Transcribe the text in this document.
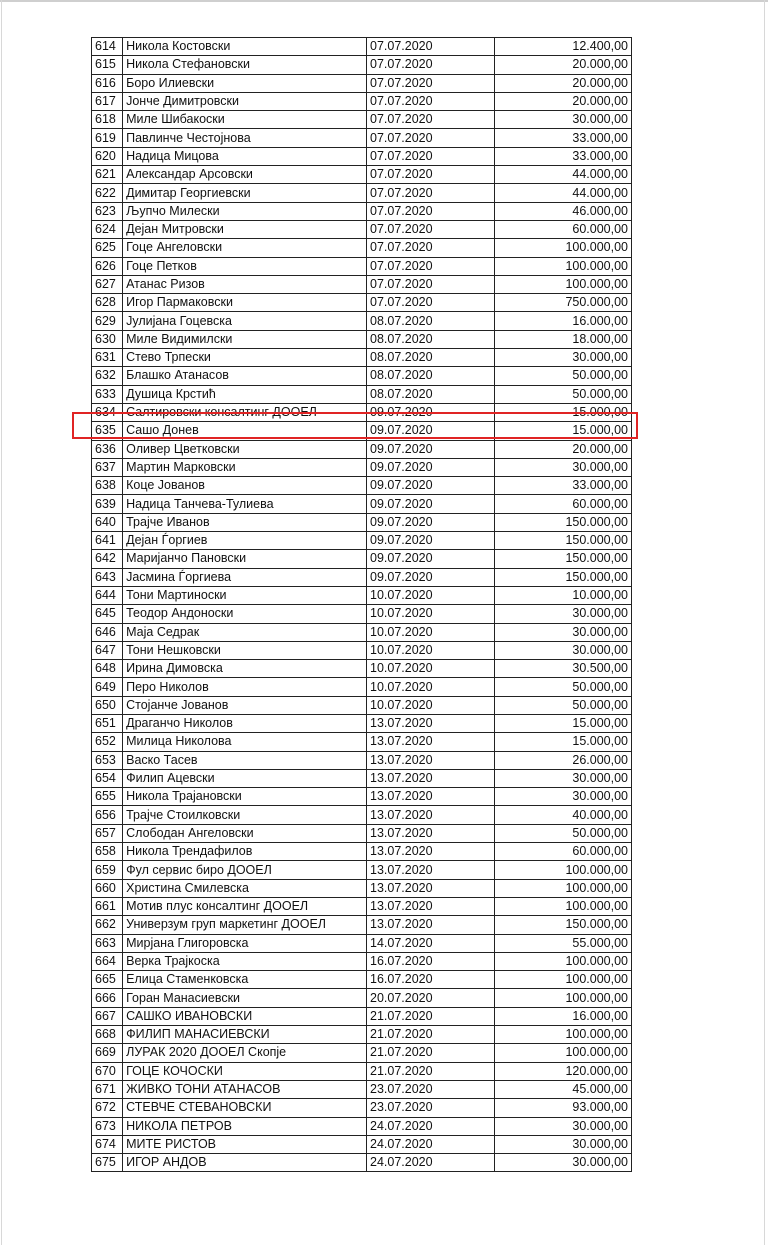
614	Никола Костовски	07.07.2020	12.400,00
615	Никола Стефановски	07.07.2020	20.000,00
616	Боро Илиевски	07.07.2020	20.000,00
617	Јонче Димитровски	07.07.2020	20.000,00
618	Миле Шибакоски	07.07.2020	30.000,00
619	Павлинче Честојнова	07.07.2020	33.000,00
620	Надица Мицова	07.07.2020	33.000,00
621	Александар Арсовски	07.07.2020	44.000,00
622	Димитар Георгиевски	07.07.2020	44.000,00
623	Љупчо Милески	07.07.2020	46.000,00
624	Дејан Митровски	07.07.2020	60.000,00
625	Гоце Ангеловски	07.07.2020	100.000,00
626	Гоце Петков	07.07.2020	100.000,00
627	Атанас Ризов	07.07.2020	100.000,00
628	Игор Пармаковски	07.07.2020	750.000,00
629	Јулијана Гоцевска	08.07.2020	16.000,00
630	Миле Видимилски	08.07.2020	18.000,00
631	Стево Трпески	08.07.2020	30.000,00
632	Блашко Атанасов	08.07.2020	50.000,00
633	Душица Крстић	08.07.2020	50.000,00
634	Салтировски консалтинг ДООЕЛ	09.07.2020	15.000,00
635	Сашо Донев	09.07.2020	15.000,00
636	Оливер Цветковски	09.07.2020	20.000,00
637	Мартин Марковски	09.07.2020	30.000,00
638	Коце Јованов	09.07.2020	33.000,00
639	Надица Танчева-Тулиева	09.07.2020	60.000,00
640	Трајче Иванов	09.07.2020	150.000,00
641	Дејан Ѓоргиев	09.07.2020	150.000,00
642	Маријанчо Пановски	09.07.2020	150.000,00
643	Јасмина Ѓоргиева	09.07.2020	150.000,00
644	Тони Мартиноски	10.07.2020	10.000,00
645	Теодор Андоноски	10.07.2020	30.000,00
646	Маја Седрак	10.07.2020	30.000,00
647	Тони Нешковски	10.07.2020	30.000,00
648	Ирина Димовска	10.07.2020	30.500,00
649	Перо Николов	10.07.2020	50.000,00
650	Стојанче Јованов	10.07.2020	50.000,00
651	Драганчо Николов	13.07.2020	15.000,00
652	Милица Николова	13.07.2020	15.000,00
653	Васко Тасев	13.07.2020	26.000,00
654	Филип Ацевски	13.07.2020	30.000,00
655	Никола Трајановски	13.07.2020	30.000,00
656	Трајче Стоилковски	13.07.2020	40.000,00
657	Слободан Ангеловски	13.07.2020	50.000,00
658	Никола Трендафилов	13.07.2020	60.000,00
659	Фул сервис биро ДООЕЛ	13.07.2020	100.000,00
660	Христина Смилевска	13.07.2020	100.000,00
661	Мотив плус консалтинг ДООЕЛ	13.07.2020	100.000,00
662	Универзум груп маркетинг ДООЕЛ	13.07.2020	150.000,00
663	Мирјана Глигоровска	14.07.2020	55.000,00
664	Верка Трајкоска	16.07.2020	100.000,00
665	Елица Стаменковска	16.07.2020	100.000,00
666	Горан Манасиевски	20.07.2020	100.000,00
667	САШКО ИВАНОВСКИ	21.07.2020	16.000,00
668	ФИЛИП МАНАСИЕВСКИ	21.07.2020	100.000,00
669	ЛУРАК 2020 ДООЕЛ Скопје	21.07.2020	100.000,00
670	ГОЦЕ КОЧОСКИ	21.07.2020	120.000,00
671	ЖИВКО ТОНИ АТАНАСОВ	23.07.2020	45.000,00
672	СТЕВЧЕ СТЕВАНОВСКИ	23.07.2020	93.000,00
673	НИКОЛА ПЕТРОВ	24.07.2020	30.000,00
674	МИТЕ РИСТОВ	24.07.2020	30.000,00
675	ИГОР АНДОВ	24.07.2020	30.000,00
